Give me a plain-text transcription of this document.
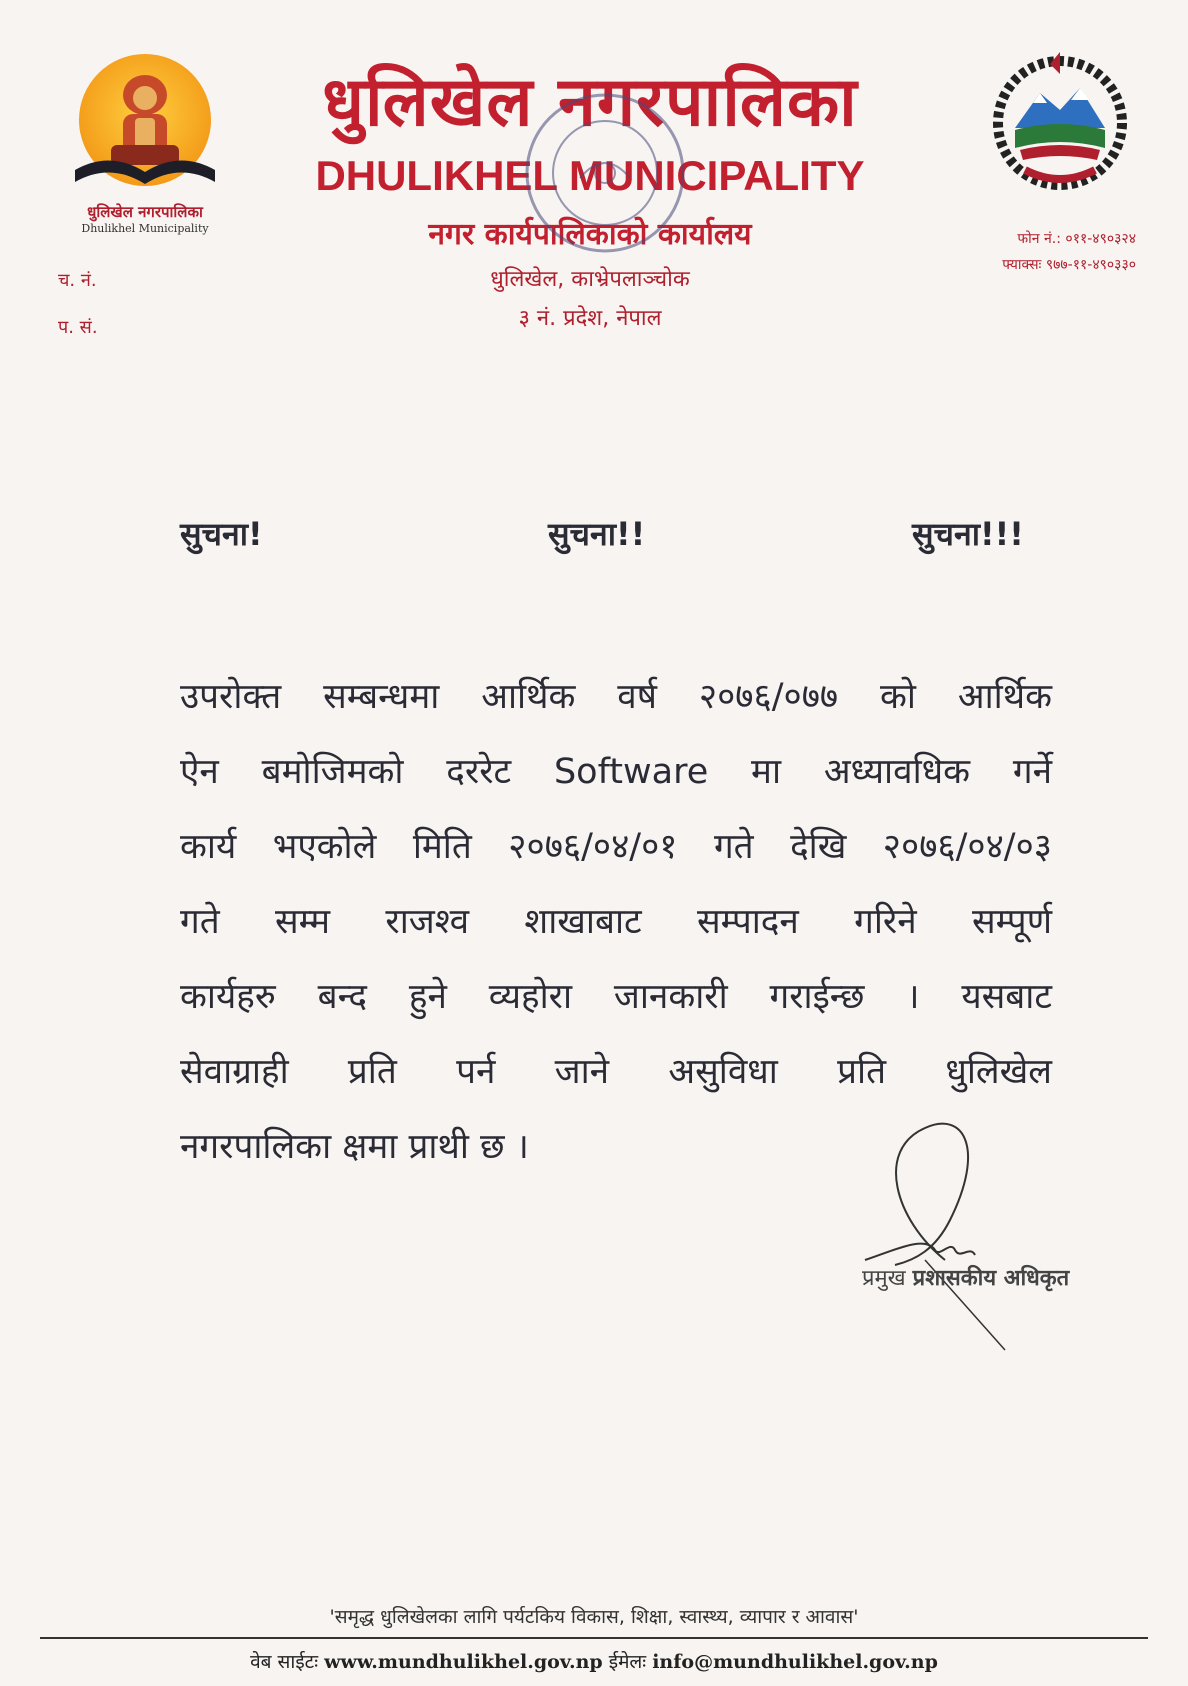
धुलिखेल नगरपालिका
Dhulikhel Municipality
च. नं.
प. सं.
धुलिखेल नगरपालिका
DHULIKHEL MUNICIPALITY
नगर कार्यपालिकाको कार्यालय
धुलिखेल, काभ्रेपलाञ्चोक
३ नं. प्रदेश, नेपाल
फोन नं.: ०११-४९०३२४
फ्याक्सः ९७७-११-४९०३३०
सुचना!	सुचना!!	सुचना!!!
उपरोक्त सम्बन्धमा आर्थिक वर्ष २०७६/०७७ को आर्थिक
ऐन बमोजिमको दररेट Software मा अध्यावधिक गर्ने
कार्य भएकोले मिति २०७६/०४/०१ गते देखि २०७६/०४/०३
गते सम्म राजश्व शाखाबाट सम्पादन गरिने सम्पूर्ण
कार्यहरु बन्द हुने व्यहोरा जानकारी गराईन्छ । यसबाट
सेवाग्राही प्रति पर्न जाने असुविधा प्रति धुलिखेल
नगरपालिका क्षमा प्राथी छ ।
प्रमुख प्रशासकीय अधिकृत
'समृद्ध धुलिखेलका लागि पर्यटकिय विकास, शिक्षा, स्वास्थ्य, व्यापार र आवास'
वेब साईटः www.mundhulikhel.gov.np ईमेलः info@mundhulikhel.gov.np
